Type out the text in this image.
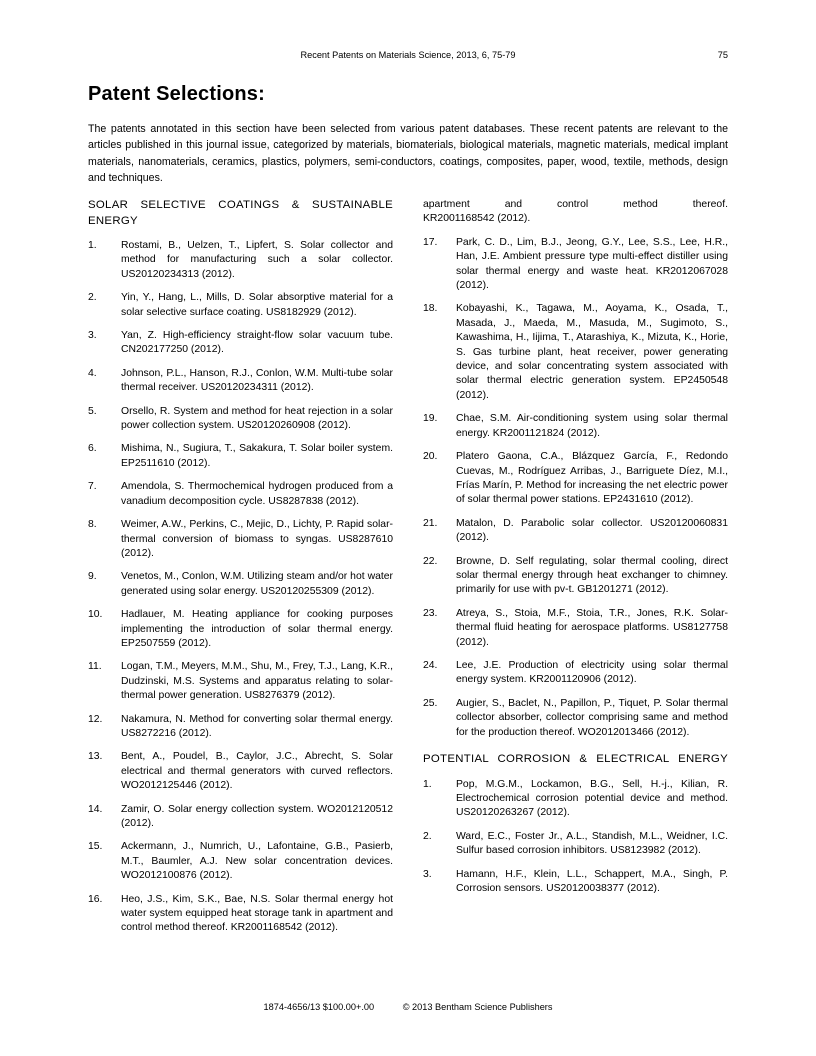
Recent Patents on Materials Science, 2013, 6, 75-79	75
Patent Selections:

The patents annotated in this section have been selected from various patent databases. These recent patents are relevant to the articles published in this journal issue, categorized by materials, biomaterials, biological materials, magnetic materials, medical implant materials, nanomaterials, ceramics, plastics, polymers, semi-conductors, coatings, composites, paper, wood, textile, methods, design and techniques.

SOLAR SELECTIVE COATINGS & SUSTAINABLE ENERGY
1.	Rostami, B., Uelzen, T., Lipfert, S. Solar collector and method for manufacturing such a solar collector. US20120234313 (2012).
2.	Yin, Y., Hang, L., Mills, D. Solar absorptive material for a solar selective surface coating. US8182929 (2012).
3.	Yan, Z. High-efficiency straight-flow solar vacuum tube. CN202177250 (2012).
4.	Johnson, P.L., Hanson, R.J., Conlon, W.M. Multi-tube solar thermal receiver. US20120234311 (2012).
5.	Orsello, R. System and method for heat rejection in a solar power collection system. US20120260908 (2012).
6.	Mishima, N., Sugiura, T., Sakakura, T. Solar boiler system. EP2511610 (2012).
7.	Amendola, S. Thermochemical hydrogen produced from a vanadium decomposition cycle. US8287838 (2012).
8.	Weimer, A.W., Perkins, C., Mejic, D., Lichty, P. Rapid solar-thermal conversion of biomass to syngas. US8287610 (2012).
9.	Venetos, M., Conlon, W.M. Utilizing steam and/or hot water generated using solar energy. US20120255309 (2012).
10.	Hadlauer, M. Heating appliance for cooking purposes implementing the introduction of solar thermal energy. EP2507559 (2012).
11.	Logan, T.M., Meyers, M.M., Shu, M., Frey, T.J., Lang, K.R., Dudzinski, M.S. Systems and apparatus relating to solar-thermal power generation. US8276379 (2012).
12.	Nakamura, N. Method for converting solar thermal energy. US8272216 (2012).
13.	Bent, A., Poudel, B., Caylor, J.C., Abrecht, S. Solar electrical and thermal generators with curved reflectors. WO2012125446 (2012).
14.	Zamir, O. Solar energy collection system. WO2012120512 (2012).
15.	Ackermann, J., Numrich, U., Lafontaine, G.B., Pasierb, M.T., Baumler, A.J. New solar concentration devices. WO2012100876 (2012).
16.	Heo, J.S., Kim, S.K., Bae, N.S. Solar thermal energy hot water system equipped heat storage tank in apartment and control method thereof. KR2001168542 (2012).
apartment      and      control      method      thereof. KR2001168542 (2012).
17.	Park, C. D., Lim, B.J., Jeong, G.Y., Lee, S.S., Lee, H.R., Han, J.E. Ambient pressure type multi-effect distiller using solar thermal energy and waste heat. KR2012067028 (2012).
18.	Kobayashi, K., Tagawa, M., Aoyama, K., Osada, T., Masada, J., Maeda, M., Masuda, M., Sugimoto, S., Kawashima, H., Iijima, T., Atarashiya, K., Mizuta, K., Horie, S. Gas turbine plant, heat receiver, power generating device, and solar concentrating system associated with solar thermal electric generation system. EP2450548 (2012).
19.	Chae, S.M. Air-conditioning system using solar thermal energy. KR2001121824 (2012).
20.	Platero Gaona, C.A., Blázquez García, F., Redondo Cuevas, M., Rodríguez Arribas, J., Barriguete Díez, M.I., Frías Marín, P. Method for increasing the net electric power of solar thermal power stations. EP2431610 (2012).
21.	Matalon, D. Parabolic solar collector. US20120060831 (2012).
22.	Browne, D. Self regulating, solar thermal cooling, direct solar thermal energy through heat exchanger to chimney. primarily for use with pv-t. GB1201271 (2012).
23.	Atreya, S., Stoia, M.F., Stoia, T.R., Jones, R.K. Solar-thermal fluid heating for aerospace platforms. US8127758 (2012).
24.	Lee, J.E. Production of electricity using solar thermal energy system. KR2001120906 (2012).
25.	Augier, S., Baclet, N., Papillon, P., Tiquet, P. Solar thermal collector absorber, collector comprising same and method for the production thereof. WO2012013466 (2012).
POTENTIAL CORROSION & ELECTRICAL ENERGY
1.	Pop, M.G.M., Lockamon, B.G., Sell, H.-j., Kilian, R. Electrochemical corrosion potential device and method. US20120263267 (2012).
2.	Ward, E.C., Foster Jr., A.L., Standish, M.L., Weidner, I.C. Sulfur based corrosion inhibitors. US8123982 (2012).
3.	Hamann, H.F., Klein, L.L., Schappert, M.A., Singh, P. Corrosion sensors. US20120038377 (2012).
1874-4656/13 $100.00+.00	© 2013 Bentham Science Publishers
